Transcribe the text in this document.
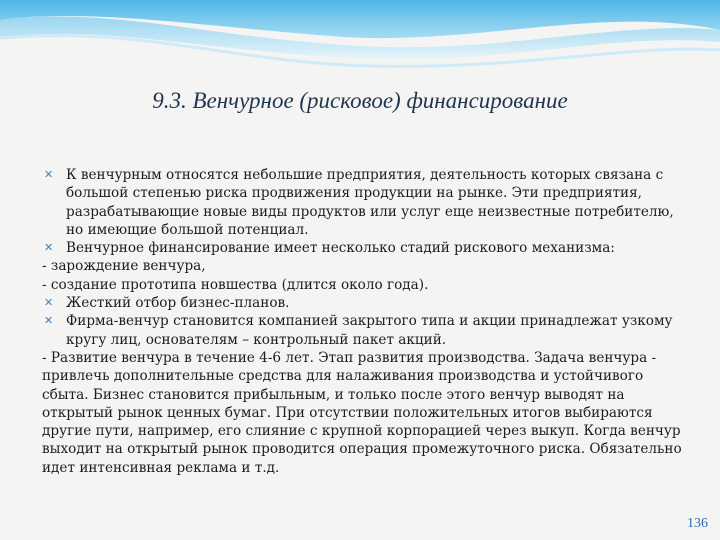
9.3. Венчурное (рисковое) финансирование
✕ К венчурным относятся небольшие предприятия, деятельность которых связана с большой степенью риска продвижения продукции на рынке. Эти предприятия, разрабатывающие новые виды продуктов или услуг еще неизвестные потребителю, но имеющие большой потенциал.
✕ Венчурное финансирование имеет несколько стадий рискового механизма:
- зарождение венчура,
- создание прототипа новшества (длится около года).
✕ Жесткий отбор бизнес-планов.
✕ Фирма-венчур становится компанией закрытого типа и акции принадлежат узкому кругу лиц, основателям – контрольный пакет акций.
- Развитие венчура в течение 4-6 лет. Этап развития производства. Задача венчура - привлечь дополнительные средства для налаживания производства и устойчивого сбыта. Бизнес становится прибыльным, и только после этого венчур выводят на открытый рынок ценных бумаг. При отсутствии положительных итогов выбираются другие пути, например, его слияние с крупной корпорацией через выкуп. Когда венчур выходит на открытый рынок проводится операция промежуточного риска. Обязательно идет интенсивная реклама и т.д.
136
